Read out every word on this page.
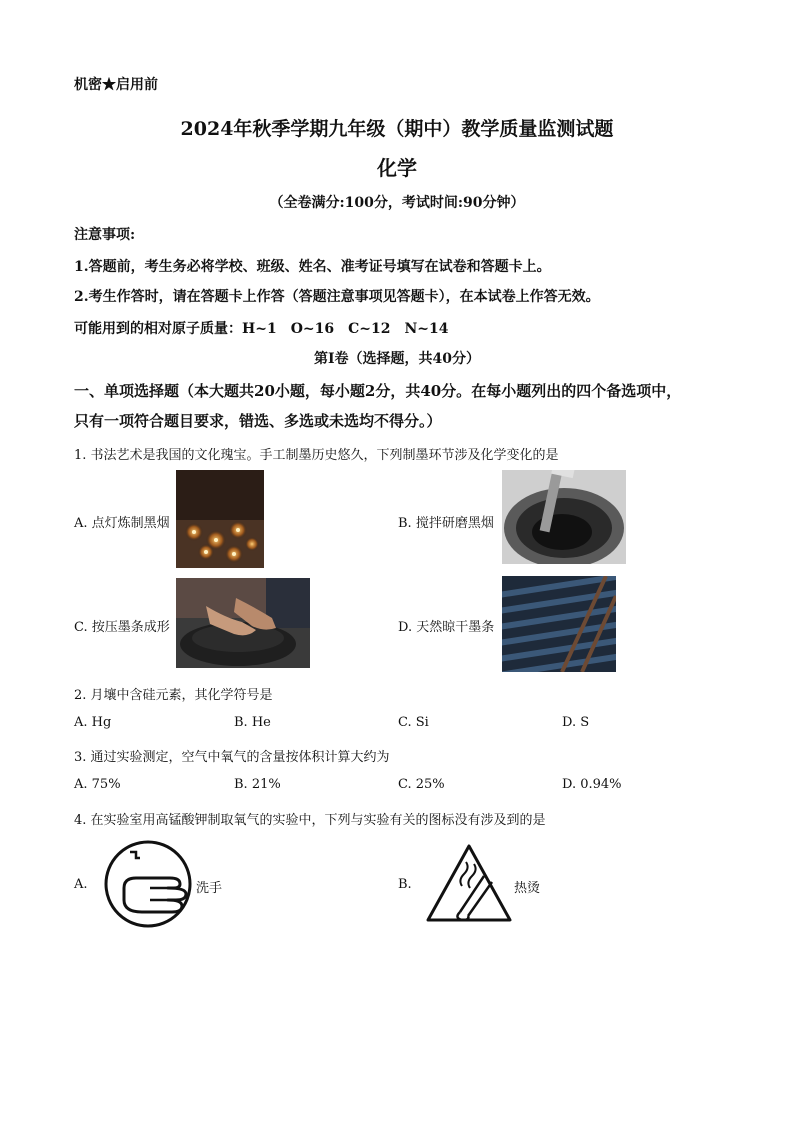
机密★启用前
2024年秋季学期九年级（期中）教学质量监测试题
化学
（全卷满分:100分，考试时间:90分钟）
注意事项:
1.答题前，考生务必将学校、班级、姓名、准考证号填写在试卷和答题卡上。
2.考生作答时，请在答题卡上作答（答题注意事项见答题卡），在本试卷上作答无效。
可能用到的相对原子质量：H~1　O~16　C~12　N~14
第Ⅰ卷（选择题，共40分）
一、单项选择题（本大题共20小题，每小题2分，共40分。在每小题列出的四个备选项中，
只有一项符合题目要求，错选、多选或未选均不得分。）
1. 书法艺术是我国的文化瑰宝。手工制墨历史悠久，下列制墨环节涉及化学变化的是
A. 点灯炼制黑烟	B. 搅拌研磨黑烟
C. 按压墨条成形	D. 天然晾干墨条
2. 月壤中含硅元素，其化学符号是
A. Hg	B. He	C. Si	D. S
3. 通过实验测定，空气中氧气的含量按体积计算大约为
A. 75%	B. 21%	C. 25%	D. 0.94%
4. 在实验室用高锰酸钾制取氧气的实验中，下列与实验有关的图标没有涉及到的是
A.	洗手	B.	热烫
